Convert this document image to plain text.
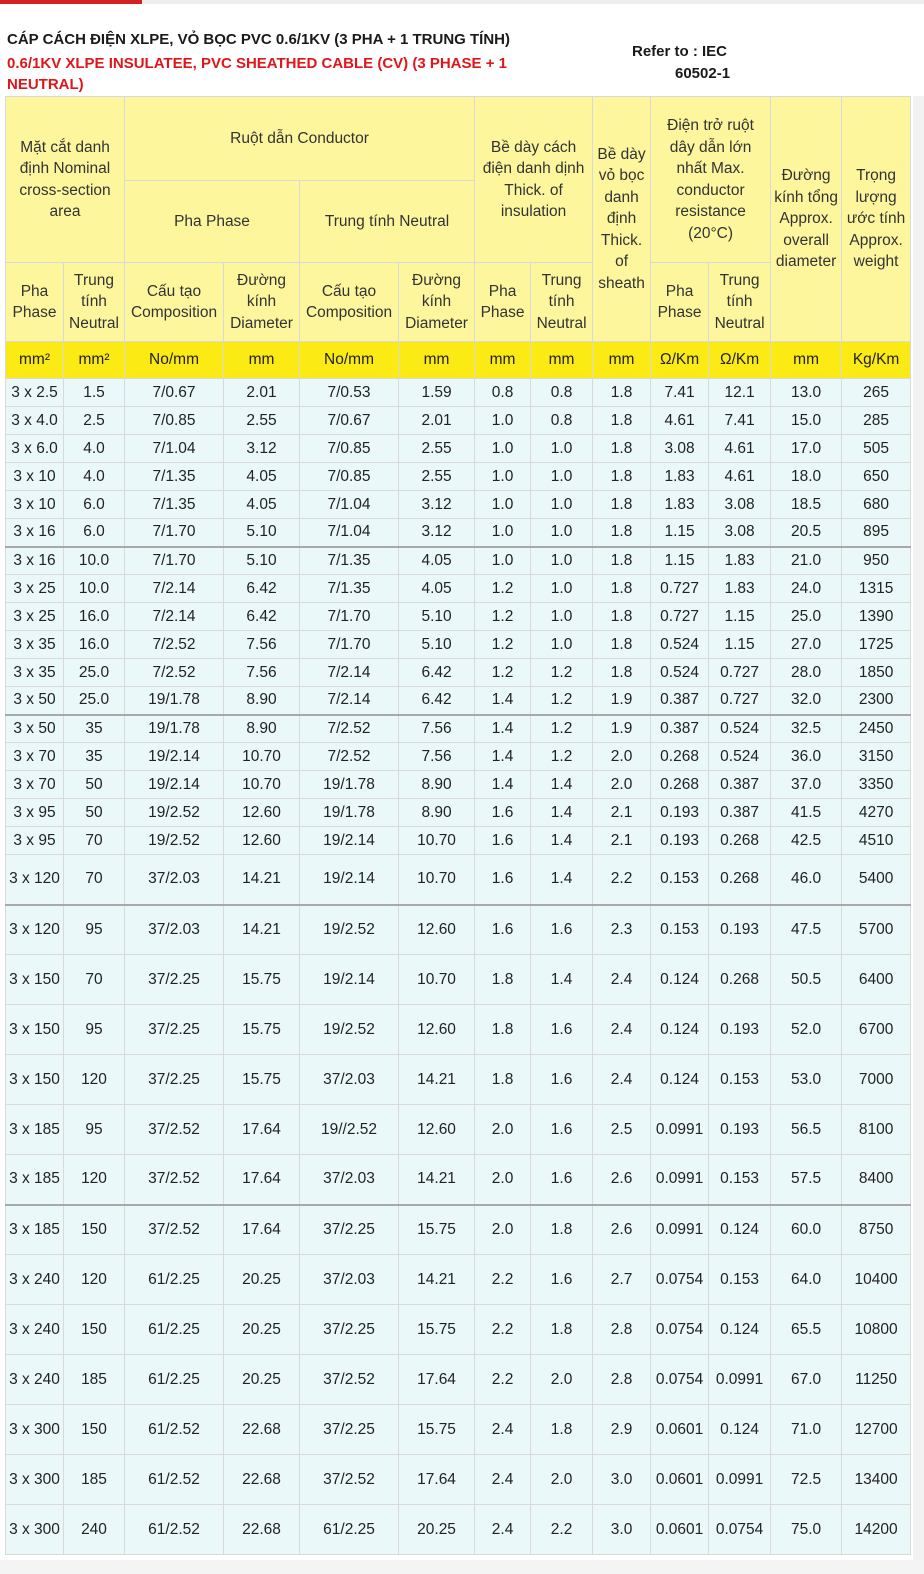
CÁP CÁCH ĐIỆN XLPE, VỎ BỌC PVC 0.6/1KV (3 PHA + 1 TRUNG TÍNH)
0.6/1KV XLPE INSULATEE, PVC SHEATHED CABLE (CV) (3 PHASE + 1 NEUTRAL)
Refer to : IEC
60502-1
Mặt cắt danh định Nominal cross-section area		Ruột dẫn Conductor				Bề dày cách điện danh dịnh Thick. of insulation		Bề dày vỏ bọc danh định Thick. of sheath	Điện trở ruột dây dẫn lớn nhất Max. conductor resistance (20°C)		Đường kính tổng Approx. overall diameter	Trọng lượng ước tính Approx. weight
		Pha Phase		Trung tính Neutral								
Pha Phase	Trung tính Neutral	Cấu tạo Composition	Đường kính Diameter	Cấu tạo Composition	Đường kính Diameter	Pha Phase	Trung tính Neutral		Pha Phase	Trung tính Neutral		
mm²	mm²	No/mm	mm	No/mm	mm	mm	mm	mm	Ω/Km	Ω/Km	mm	Kg/Km
3 x 2.5	1.5	7/0.67	2.01	7/0.53	1.59	0.8	0.8	1.8	7.41	12.1	13.0	265
3 x 4.0	2.5	7/0.85	2.55	7/0.67	2.01	1.0	0.8	1.8	4.61	7.41	15.0	285
3 x 6.0	4.0	7/1.04	3.12	7/0.85	2.55	1.0	1.0	1.8	3.08	4.61	17.0	505
3 x 10	4.0	7/1.35	4.05	7/0.85	2.55	1.0	1.0	1.8	1.83	4.61	18.0	650
3 x 10	6.0	7/1.35	4.05	7/1.04	3.12	1.0	1.0	1.8	1.83	3.08	18.5	680
3 x 16	6.0	7/1.70	5.10	7/1.04	3.12	1.0	1.0	1.8	1.15	3.08	20.5	895
3 x 16	10.0	7/1.70	5.10	7/1.35	4.05	1.0	1.0	1.8	1.15	1.83	21.0	950
3 x 25	10.0	7/2.14	6.42	7/1.35	4.05	1.2	1.0	1.8	0.727	1.83	24.0	1315
3 x 25	16.0	7/2.14	6.42	7/1.70	5.10	1.2	1.0	1.8	0.727	1.15	25.0	1390
3 x 35	16.0	7/2.52	7.56	7/1.70	5.10	1.2	1.0	1.8	0.524	1.15	27.0	1725
3 x 35	25.0	7/2.52	7.56	7/2.14	6.42	1.2	1.2	1.8	0.524	0.727	28.0	1850
3 x 50	25.0	19/1.78	8.90	7/2.14	6.42	1.4	1.2	1.9	0.387	0.727	32.0	2300
3 x 50	35	19/1.78	8.90	7/2.52	7.56	1.4	1.2	1.9	0.387	0.524	32.5	2450
3 x 70	35	19/2.14	10.70	7/2.52	7.56	1.4	1.2	2.0	0.268	0.524	36.0	3150
3 x 70	50	19/2.14	10.70	19/1.78	8.90	1.4	1.4	2.0	0.268	0.387	37.0	3350
3 x 95	50	19/2.52	12.60	19/1.78	8.90	1.6	1.4	2.1	0.193	0.387	41.5	4270
3 x 95	70	19/2.52	12.60	19/2.14	10.70	1.6	1.4	2.1	0.193	0.268	42.5	4510
3 x 120	70	37/2.03	14.21	19/2.14	10.70	1.6	1.4	2.2	0.153	0.268	46.0	5400
3 x 120	95	37/2.03	14.21	19/2.52	12.60	1.6	1.6	2.3	0.153	0.193	47.5	5700
3 x 150	70	37/2.25	15.75	19/2.14	10.70	1.8	1.4	2.4	0.124	0.268	50.5	6400
3 x 150	95	37/2.25	15.75	19/2.52	12.60	1.8	1.6	2.4	0.124	0.193	52.0	6700
3 x 150	120	37/2.25	15.75	37/2.03	14.21	1.8	1.6	2.4	0.124	0.153	53.0	7000
3 x 185	95	37/2.52	17.64	19//2.52	12.60	2.0	1.6	2.5	0.0991	0.193	56.5	8100
3 x 185	120	37/2.52	17.64	37/2.03	14.21	2.0	1.6	2.6	0.0991	0.153	57.5	8400
3 x 185	150	37/2.52	17.64	37/2.25	15.75	2.0	1.8	2.6	0.0991	0.124	60.0	8750
3 x 240	120	61/2.25	20.25	37/2.03	14.21	2.2	1.6	2.7	0.0754	0.153	64.0	10400
3 x 240	150	61/2.25	20.25	37/2.25	15.75	2.2	1.8	2.8	0.0754	0.124	65.5	10800
3 x 240	185	61/2.25	20.25	37/2.52	17.64	2.2	2.0	2.8	0.0754	0.0991	67.0	11250
3 x 300	150	61/2.52	22.68	37/2.25	15.75	2.4	1.8	2.9	0.0601	0.124	71.0	12700
3 x 300	185	61/2.52	22.68	37/2.52	17.64	2.4	2.0	3.0	0.0601	0.0991	72.5	13400
3 x 300	240	61/2.52	22.68	61/2.25	20.25	2.4	2.2	3.0	0.0601	0.0754	75.0	14200
